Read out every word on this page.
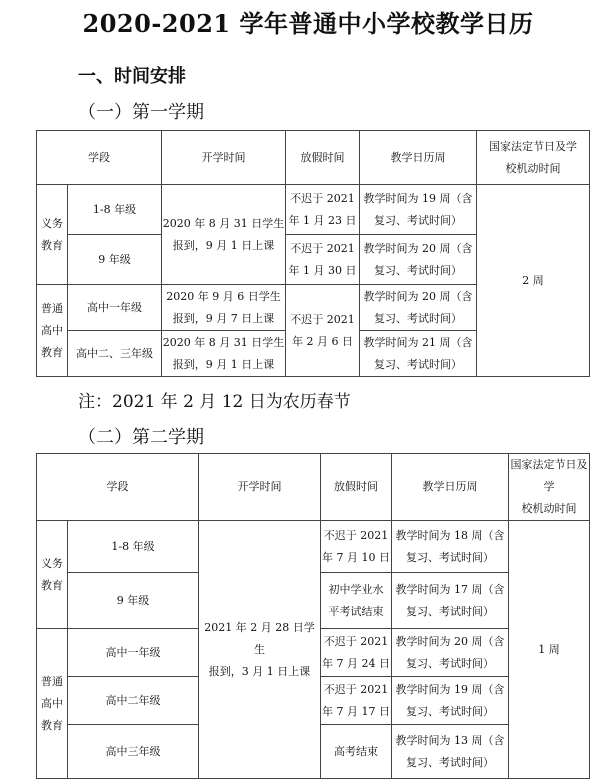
2020-2021 学年普通中小学校教学日历
一、时间安排
（一）第一学期
学段		开学时间	放假时间	教学日历周	国家法定节日及学
校机动时间

义务
教育	1-8 年级	2020 年 8 月 31 日学生
报到，9 月 1 日上课	不迟于 2021
年 1 月 23 日	教学时间为 19 周（含
复习、考试时间）	2 周
	9 年级		不迟于 2021
年 1 月 30 日	教学时间为 20 周（含
复习、考试时间）	

普通
高中
教育	高中一年级	2020 年 9 月 6 日学生
报到，9 月 7 日上课	不迟于 2021
年 2 月 6 日	教学时间为 20 周（含
复习、考试时间）	

	高中二、三年级	2020 年 8 月 31 日学生
报到，9 月 1 日上课		教学时间为 21 周（含
复习、考试时间）	
注：2021 年 2 月 12 日为农历春节
（二）第二学期
学段		开学时间	放假时间	教学日历周	国家法定节日及学
校机动时间

义务
教育	1-8 年级	2021 年 2 月 28 日学生
报到，3 月 1 日上课	不迟于 2021
年 7 月 10 日	教学时间为 18 周（含
复习、考试时间）	1 周
	9 年级		初中学业水
平考试结束	教学时间为 17 周（含
复习、考试时间）	

普通
高中
教育	高中一年级		不迟于 2021
年 7 月 24 日	教学时间为 20 周（含
复习、考试时间）	

	高中二年级		不迟于 2021
年 7 月 17 日	教学时间为 19 周（含
复习、考试时间）	

	高中三年级		高考结束	教学时间为 13 周（含
复习、考试时间）	
